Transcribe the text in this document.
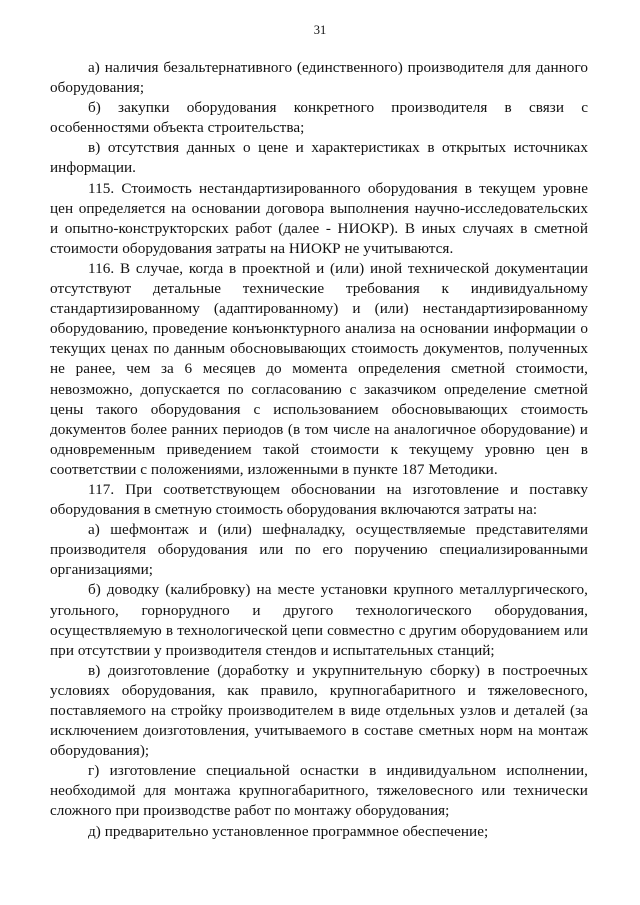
31

а) наличия безальтернативного (единственного) производителя для данного оборудования;

б) закупки оборудования конкретного производителя в связи с особенностями объекта строительства;

в) отсутствия данных о цене и характеристиках в открытых источниках информации.

115. Стоимость нестандартизированного оборудования в текущем уровне цен определяется на основании договора выполнения научно-исследовательских и опытно-конструкторских работ (далее - НИОКР). В иных случаях в сметной стоимости оборудования затраты на НИОКР не учитываются.

116. В случае, когда в проектной и (или) иной технической документации отсутствуют детальные технические требования к индивидуальному стандартизированному (адаптированному) и (или) нестандартизированному оборудованию, проведение конъюнктурного анализа на основании информации о текущих ценах по данным обосновывающих стоимость документов, полученных не ранее, чем за 6 месяцев до момента определения сметной стоимости, невозможно, допускается по согласованию с заказчиком определение сметной цены такого оборудования с использованием обосновывающих стоимость документов более ранних периодов (в том числе на аналогичное оборудование) и одновременным приведением такой стоимости к текущему уровню цен в соответствии с положениями, изложенными в пункте 187 Методики.

117. При соответствующем обосновании на изготовление и поставку оборудования в сметную стоимость оборудования включаются затраты на:

а) шефмонтаж и (или) шефналадку, осуществляемые представителями производителя оборудования или по его поручению специализированными организациями;

б) доводку (калибровку) на месте установки крупного металлургического, угольного, горнорудного и другого технологического оборудования, осуществляемую в технологической цепи совместно с другим оборудованием или при отсутствии у производителя стендов и испытательных станций;

в) доизготовление (доработку и укрупнительную сборку) в построечных условиях оборудования, как правило, крупногабаритного и тяжеловесного, поставляемого на стройку производителем в виде отдельных узлов и деталей (за исключением доизготовления, учитываемого в составе сметных норм на монтаж оборудования);

г) изготовление специальной оснастки в индивидуальном исполнении, необходимой для монтажа крупногабаритного, тяжеловесного или технически сложного при производстве работ по монтажу оборудования;

д) предварительно установленное программное обеспечение;
